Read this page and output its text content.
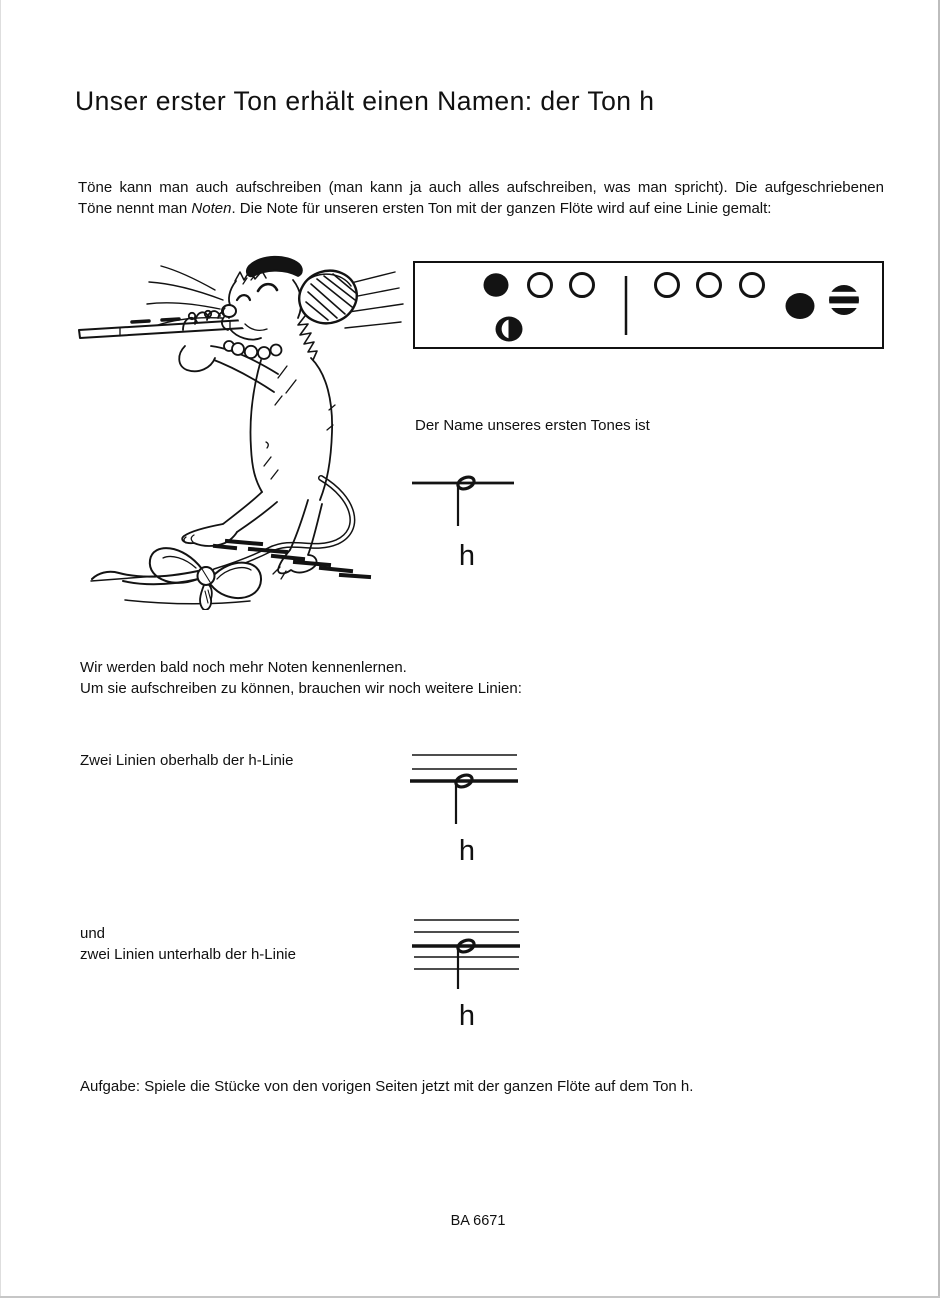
Unser erster Ton erhält einen Namen: der Ton h
Töne kann man auch aufschreiben (man kann ja auch alles aufschreiben, was man spricht). Die aufgeschriebenen
Töne nennt man Noten. Die Note für unseren ersten Ton mit der ganzen Flöte wird auf eine Linie gemalt:
Der Name unseres ersten Tones ist
h
Wir werden bald noch mehr Noten kennenlernen.
Um sie aufschreiben zu können, brauchen wir noch weitere Linien:
Zwei Linien oberhalb der h-Linie
h
und
zwei Linien unterhalb der h-Linie
h
Aufgabe: Spiele die Stücke von den vorigen Seiten jetzt mit der ganzen Flöte auf dem Ton h.
BA 6671
